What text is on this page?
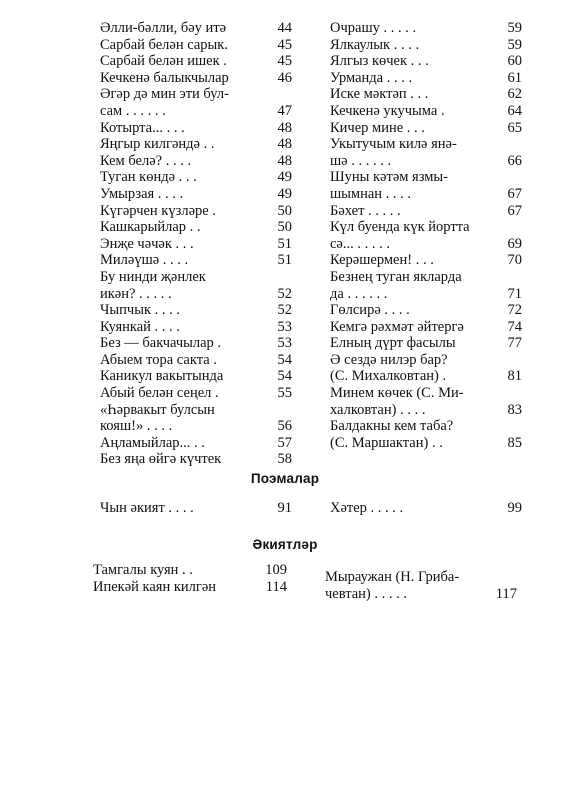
Әлли-бәлли, бәу итә	44
Сарбай белән сарык.	45
Сарбай белән ишек .	45
Кечкенә балыкчылар	46
Әгәр дә мин эти бул-
сам . . . . . .	47
Котырта... . . .	48
Яңгыр килгәндә . .	48
Кем белә? . . . .	48
Туган көндә . . .	49
Умырзая . . . .	49
Күгәрчен күзләре .	50
Кашкарыйлар . .	50
Энҗе чәчәк . . .	51
Миләүшә . . . .	51
Бу нинди җәнлек
икән? . . . . .	52
Чыпчык . . . .	52
Куянкай . . . .	53
Без — бакчачылар .	53
Абыем тора сакта .	54
Каникул вакытында	54
Абый белән сеңел .	55
«Һәрвакыт булсын
кояш!» . . . .	56
Аңламыйлар... . .	57
Без яңа өйгә күчтек	58
Очрашу . . . . .	59
Ялкаулык . . . .	59
Ялгыз көчек . . .	60
Урманда . . . .	61
Иске мәктәп . . .	62
Кечкенә укучыма .	64
Кичер мине . . .	65
Укытучым килә янә-
шә . . . . . .	66
Шуны кәтәм язмы-
шымнан . . . .	67
Бәхет . . . . .	67
Күл буенда күк йортта
сә... . . . . .	69
Керәшермен! . . .	70
Безнең туган якларда
да . . . . . .	71
Гөлсирә . . . .	72
Кемгә рәхмәт әйтергә	74
Елның дүрт фасылы	77
Ә сездә нилэр бар?
(С. Михалковтан) .	81
Минем көчек (С. Ми-
халковтан) . . . .	83
Балдакны кем таба?
(С. Маршактан) . .	85
Поэмалар
Чын әкият . . . .	91	Хәтер . . . . .	99
Әкиятләр
Тамгалы куян . .	109
Ипекәй каян килгән	114
Мыраужан (Н. Гриба-
чевтан) . . . . .	117
